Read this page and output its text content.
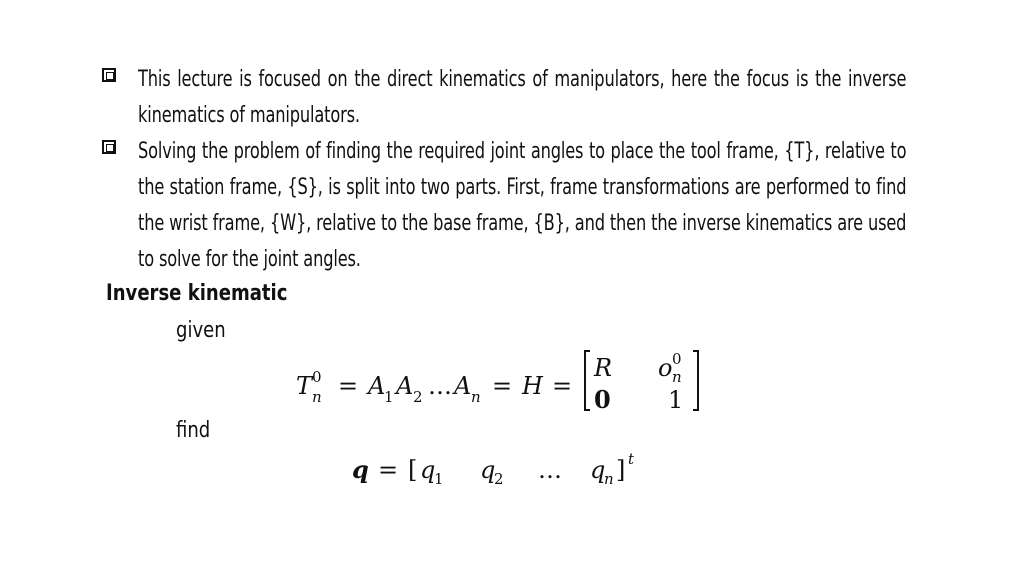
This lecture is focused on the direct kinematics of manipulators, here the focus is the inverse kinematics of manipulators.
Solving the problem of finding the required joint angles to place the tool frame, {T}, relative to the station frame, {S}, is split into two parts. First, frame transformations are performed to find the wrist frame, {W}, relative to the base frame, {B}, and then the inverse kinematics are used to solve for the joint angles.
Inverse kinematic
given
T 0
n = A
1 A 2 … A n = H =
R o 0
n
0 1
find
q = [ q
1 q
2 … q
n ] t
